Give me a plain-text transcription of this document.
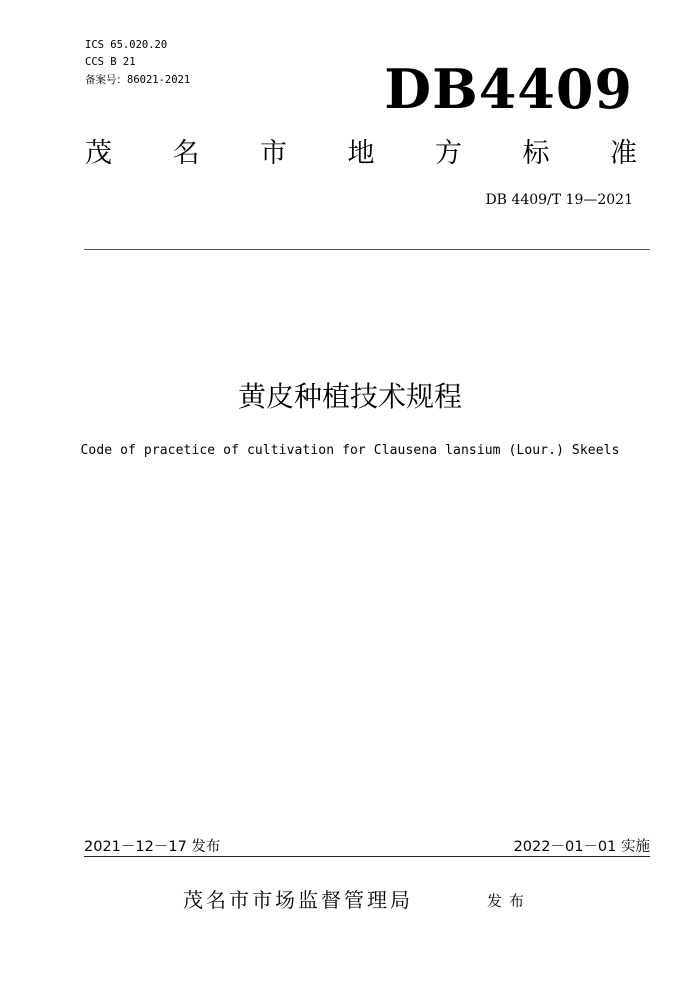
ICS 65.020.20
CCS B 21
备案号：86021-2021	DB4409
茂 名 市 地 方 标 准
DB 4409/T 19—2021
黄皮种植技术规程
Code of pracetice of cultivation for Clausena lansium (Lour.) Skeels
2021－12－17 发布	2022－01－01 实施
茂名市市场监督管理局	发布
